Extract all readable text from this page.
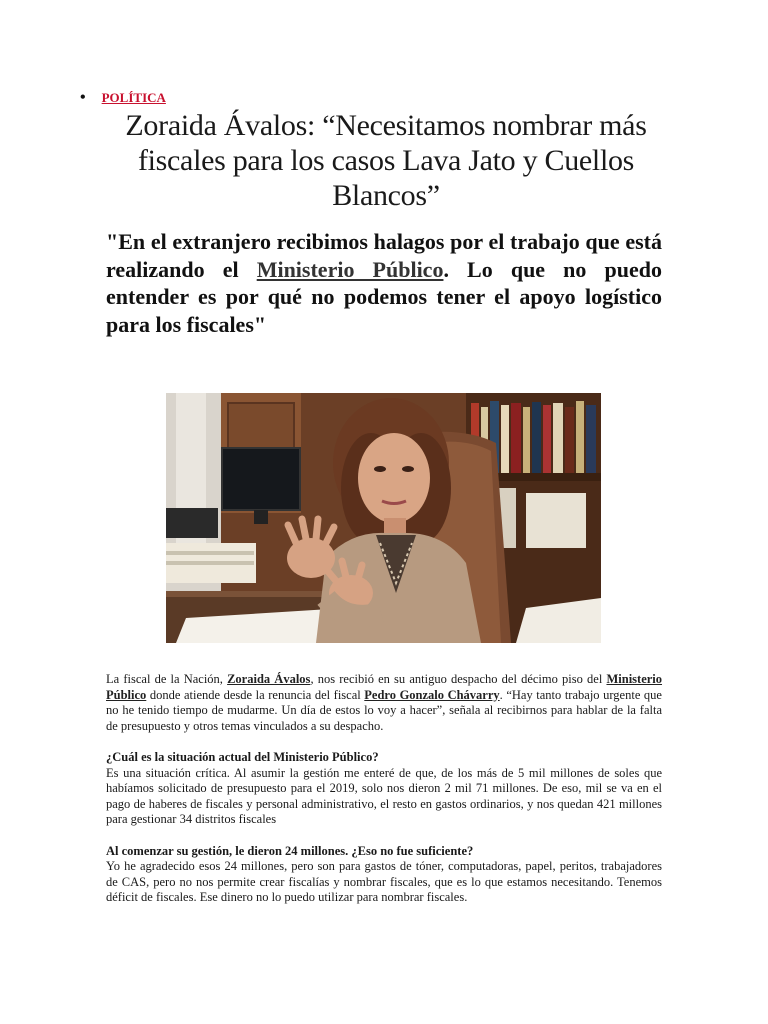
• POLÍTICA
Zoraida Ávalos: “Necesitamos nombrar más fiscales para los casos Lava Jato y Cuellos Blancos”

"En el extranjero recibimos halagos por el trabajo que está realizando el Ministerio Público. Lo que no puedo entender es por qué no podemos tener el apoyo logístico para los fiscales"

La fiscal de la Nación, Zoraida Ávalos, nos recibió en su antiguo despacho del décimo piso del Ministerio Público donde atiende desde la renuncia del fiscal Pedro Gonzalo Chávarry. “Hay tanto trabajo urgente que no he tenido tiempo de mudarme. Un día de estos lo voy a hacer”, señala al recibirnos para hablar de la falta de presupuesto y otros temas vinculados a su despacho.

¿Cuál es la situación actual del Ministerio Público?
Es una situación crítica. Al asumir la gestión me enteré de que, de los más de 5 mil millones de soles que habíamos solicitado de presupuesto para el 2019, solo nos dieron 2 mil 71 millones. De eso, mil se va en el pago de haberes de fiscales y personal administrativo, el resto en gastos ordinarios, y nos quedan 421 millones para gestionar 34 distritos fiscales

Al comenzar su gestión, le dieron 24 millones. ¿Eso no fue suficiente?
Yo he agradecido esos 24 millones, pero son para gastos de tóner, computadoras, papel, peritos, trabajadores de CAS, pero no nos permite crear fiscalías y nombrar fiscales, que es lo que estamos necesitando. Tenemos déficit de fiscales. Ese dinero no lo puedo utilizar para nombrar fiscales.
